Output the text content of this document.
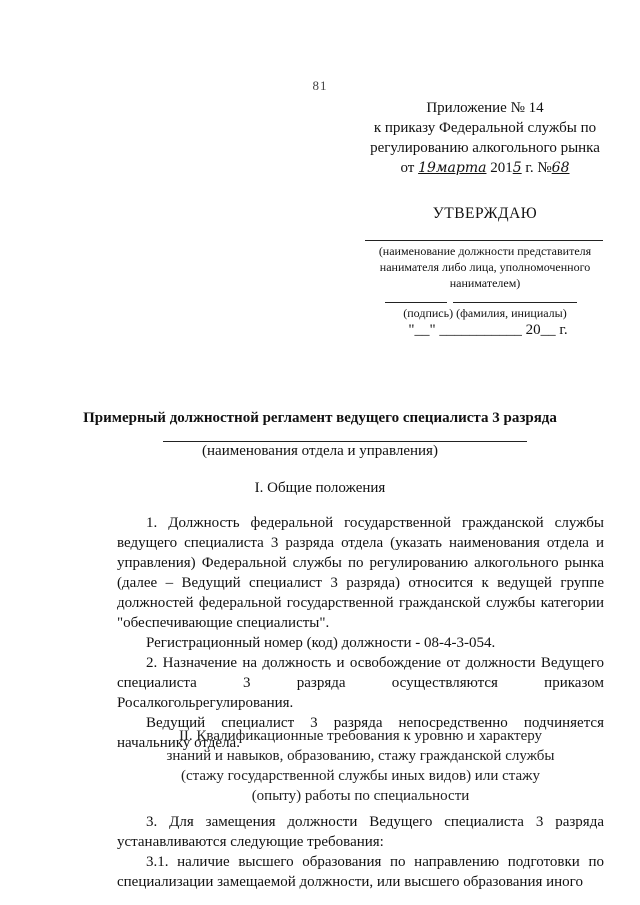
81
Приложение № 14
к приказу Федеральной службы по
регулированию алкогольного рынка
от 19марта 2015 г. №68
УТВЕРЖДАЮ
(наименование должности представителя нанимателя либо лица, уполномоченного нанимателем)
(подпись) (фамилия, инициалы)
"__" ___________ 20__ г.
Примерный должностной регламент ведущего специалиста 3 разряда
(наименования отдела и управления)
I. Общие положения

1. Должность федеральной государственной гражданской службы ведущего специалиста 3 разряда отдела (указать наименования отдела и управления) Федеральной службы по регулированию алкогольного рынка (далее – Ведущий специалист 3 разряда) относится к ведущей группе должностей федеральной государственной гражданской службы категории "обеспечивающие специалисты".

Регистрационный номер (код) должности - 08-4-3-054.

2. Назначение на должность и освобождение от должности Ведущего специалиста 3 разряда осуществляются приказом Росалкогольрегулирования.

Ведущий специалист 3 разряда непосредственно подчиняется начальнику отдела.

II. Квалификационные требования к уровню и характеру
знаний и навыков, образованию, стажу гражданской службы
(стажу государственной службы иных видов) или стажу
(опыту) работы по специальности

3. Для замещения должности Ведущего специалиста 3 разряда устанавливаются следующие требования:

3.1. наличие высшего образования по направлению подготовки по специализации замещаемой должности, или высшего образования иного
